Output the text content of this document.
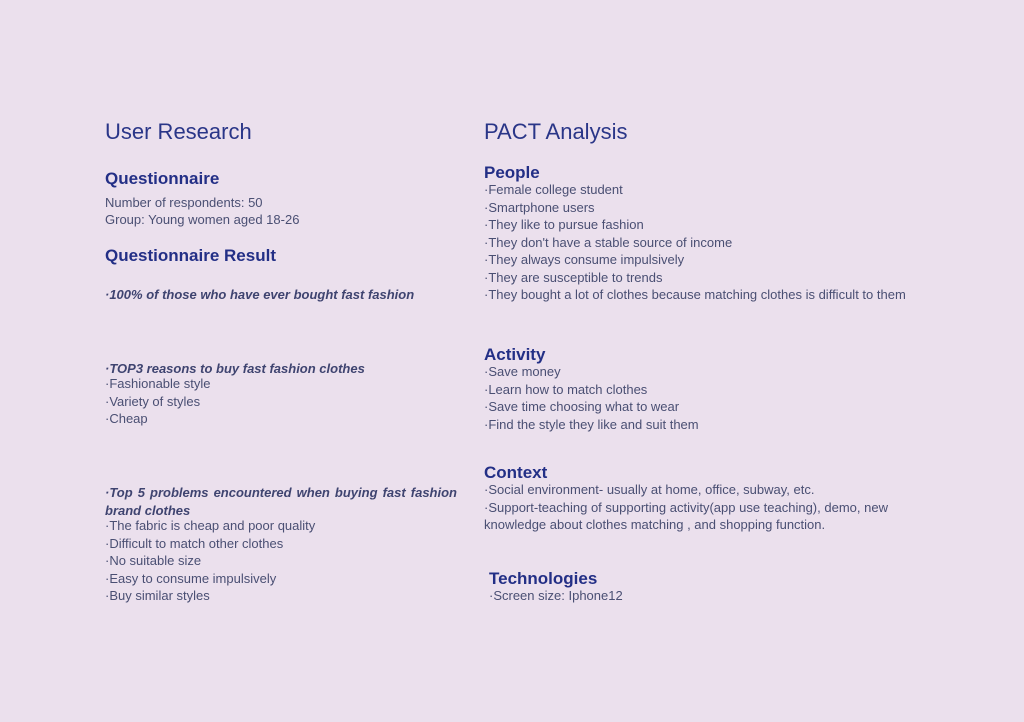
User Research
Questionnaire

Number of respondents: 50

Group: Young women aged 18-26

Questionnaire Result

·100% of those who have ever bought fast fashion

·TOP3 reasons to buy fast fashion clothes

·Fashionable style
·Variety of styles
·Cheap

·Top 5 problems encountered when buying fast fashion brand clothes

·The fabric is cheap and poor quality
·Difficult to match other clothes
·No suitable size
·Easy to consume impulsively
·Buy similar styles
PACT Analysis
People
·Female college student
·Smartphone users
·They like to pursue fashion
·They don't have a stable source of income
·They always consume impulsively
·They are susceptible to trends
·They bought a lot of clothes because matching clothes is difficult to them
Activity
·Save money
·Learn how to match clothes
·Save time choosing what to wear
·Find the style they like and suit them
Context
·Social environment- usually at home, office, subway, etc.
·Support-teaching of supporting activity(app use teaching), demo, new knowledge about clothes matching , and shopping function.
Technologies
·Screen size: Iphone12
